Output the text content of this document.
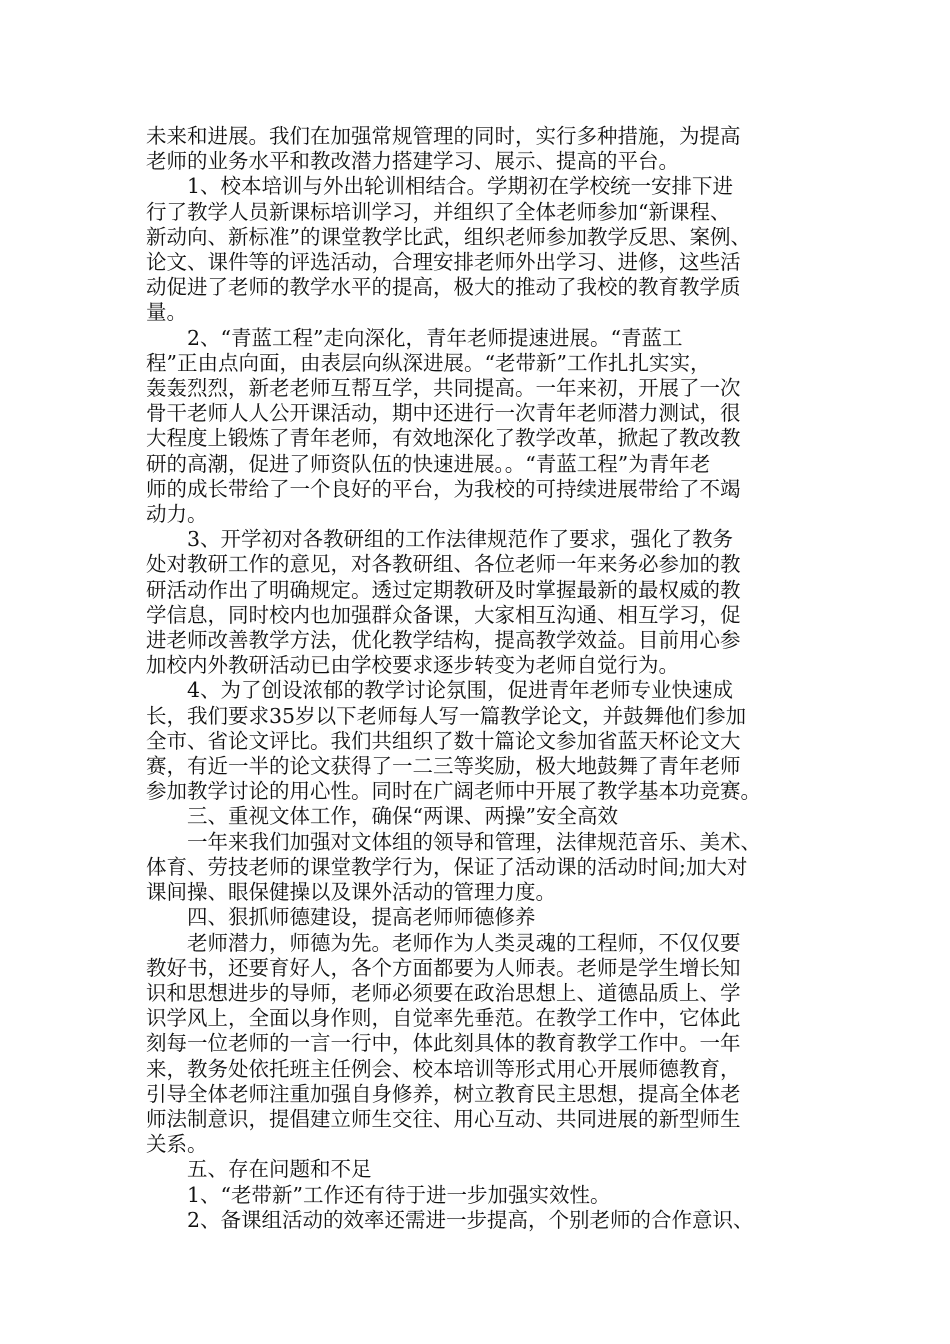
未来和进展。我们在加强常规管理的同时，实行多种措施，为提高
老师的业务水平和教改潜力搭建学习、展示、提高的平台。
　　1、校本培训与外出轮训相结合。学期初在学校统一安排下进
行了教学人员新课标培训学习，并组织了全体老师参加“新课程、
新动向、新标准”的课堂教学比武，组织老师参加教学反思、案例、
论文、课件等的评选活动，合理安排老师外出学习、进修，这些活
动促进了老师的教学水平的提高，极大的推动了我校的教育教学质
量。
　　2、“青蓝工程”走向深化，青年老师提速进展。“青蓝工
程”正由点向面，由表层向纵深进展。“老带新”工作扎扎实实，
轰轰烈烈，新老老师互帮互学，共同提高。一年来初，开展了一次
骨干老师人人公开课活动，期中还进行一次青年老师潜力测试，很
大程度上锻炼了青年老师，有效地深化了教学改革，掀起了教改教
研的高潮，促进了师资队伍的快速进展。。“青蓝工程”为青年老
师的成长带给了一个良好的平台，为我校的可持续进展带给了不竭
动力。
　　3、开学初对各教研组的工作法律规范作了要求，强化了教务
处对教研工作的意见，对各教研组、各位老师一年来务必参加的教
研活动作出了明确规定。透过定期教研及时掌握最新的最权威的教
学信息，同时校内也加强群众备课，大家相互沟通、相互学习，促
进老师改善教学方法，优化教学结构，提高教学效益。目前用心参
加校内外教研活动已由学校要求逐步转变为老师自觉行为。
　　4、为了创设浓郁的教学讨论氛围，促进青年老师专业快速成
长，我们要求35岁以下老师每人写一篇教学论文，并鼓舞他们参加
全市、省论文评比。我们共组织了数十篇论文参加省蓝天杯论文大
赛，有近一半的论文获得了一二三等奖励，极大地鼓舞了青年老师
参加教学讨论的用心性。同时在广阔老师中开展了教学基本功竞赛。
　　三、重视文体工作，确保“两课、两操”安全高效
　　一年来我们加强对文体组的领导和管理，法律规范音乐、美术、
体育、劳技老师的课堂教学行为，保证了活动课的活动时间;加大对
课间操、眼保健操以及课外活动的管理力度。
　　四、狠抓师德建设，提高老师师德修养
　　老师潜力，师德为先。老师作为人类灵魂的工程师，不仅仅要
教好书，还要育好人，各个方面都要为人师表。老师是学生增长知
识和思想进步的导师，老师必须要在政治思想上、道德品质上、学
识学风上，全面以身作则，自觉率先垂范。在教学工作中，它体此
刻每一位老师的一言一行中，体此刻具体的教育教学工作中。一年
来，教务处依托班主任例会、校本培训等形式用心开展师德教育，
引导全体老师注重加强自身修养，树立教育民主思想，提高全体老
师法制意识，提倡建立师生交往、用心互动、共同进展的新型师生
关系。
　　五、存在问题和不足
　　1、“老带新”工作还有待于进一步加强实效性。
　　2、备课组活动的效率还需进一步提高，个别老师的合作意识、
